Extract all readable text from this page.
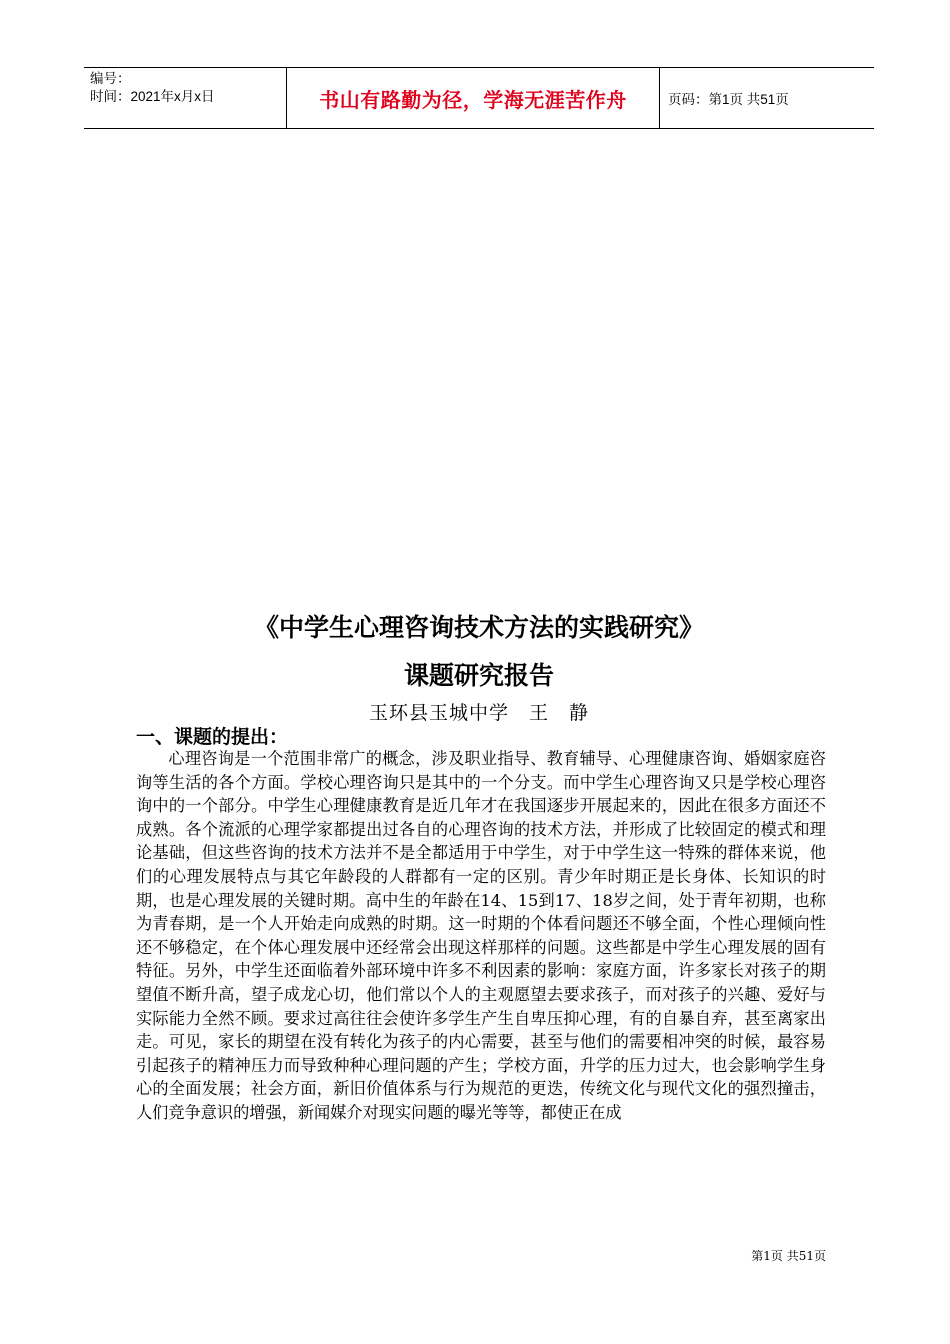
编号：
时间：2021年x月x日	书山有路勤为径，学海无涯苦作舟	页码：第1页 共51页
《中学生心理咨询技术方法的实践研究》
课题研究报告
玉环县玉城中学　王　静
一、课题的提出：

心理咨询是一个范围非常广的概念，涉及职业指导、教育辅导、心理健康咨询、婚姻家庭咨询等生活的各个方面。学校心理咨询只是其中的一个分支。而中学生心理咨询又只是学校心理咨询中的一个部分。中学生心理健康教育是近几年才在我国逐步开展起来的，因此在很多方面还不成熟。各个流派的心理学家都提出过各自的心理咨询的技术方法，并形成了比较固定的模式和理论基础，但这些咨询的技术方法并不是全都适用于中学生，对于中学生这一特殊的群体来说，他们的心理发展特点与其它年龄段的人群都有一定的区别。青少年时期正是长身体、长知识的时期，也是心理发展的关键时期。高中生的年龄在14、15到17、18岁之间，处于青年初期，也称为青春期，是一个人开始走向成熟的时期。这一时期的个体看问题还不够全面，个性心理倾向性还不够稳定，在个体心理发展中还经常会出现这样那样的问题。这些都是中学生心理发展的固有特征。另外，中学生还面临着外部环境中许多不利因素的影响：家庭方面，许多家长对孩子的期望值不断升高，望子成龙心切，他们常以个人的主观愿望去要求孩子，而对孩子的兴趣、爱好与实际能力全然不顾。要求过高往往会使许多学生产生自卑压抑心理，有的自暴自弃，甚至离家出走。可见，家长的期望在没有转化为孩子的内心需要，甚至与他们的需要相冲突的时候，最容易引起孩子的精神压力而导致种种心理问题的产生；学校方面，升学的压力过大，也会影响学生身心的全面发展；社会方面，新旧价值体系与行为规范的更迭，传统文化与现代文化的强烈撞击，人们竞争意识的增强，新闻媒介对现实问题的曝光等等，都使正在成

第1页 共51页
